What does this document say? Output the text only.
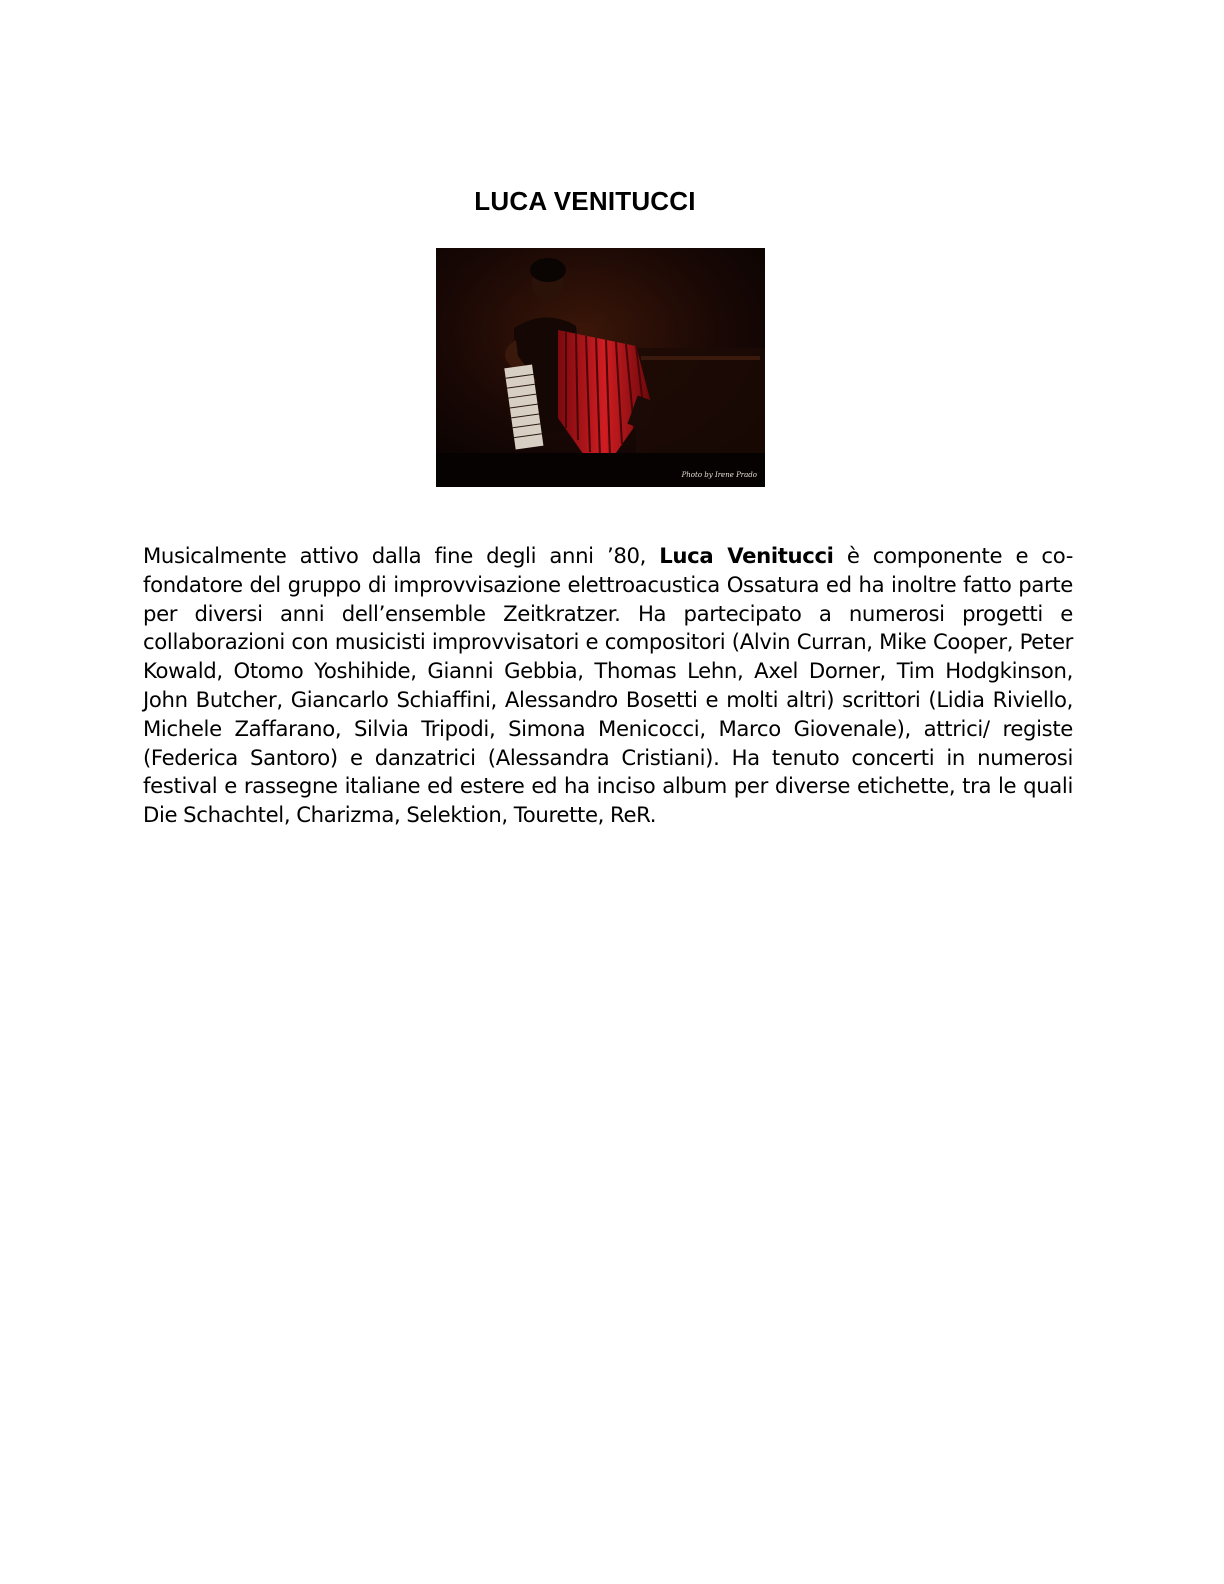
LUCA VENITUCCI
Photo by Irene Prado

Musicalmente attivo dalla fine degli anni ’80, Luca Venitucci è componente e co-fondatore del gruppo di improvvisazione elettroacustica Ossatura ed ha inoltre fatto parte per diversi anni dell’ensemble Zeitkratzer. Ha partecipato a numerosi progetti e collaborazioni con musicisti improvvisatori e compositori (Alvin Curran, Mike Cooper, Peter Kowald, Otomo Yoshihide, Gianni Gebbia, Thomas Lehn, Axel Dorner, Tim Hodgkinson, John Butcher, Giancarlo Schiaffini, Alessandro Bosetti e molti altri) scrittori (Lidia Riviello, Michele Zaffarano, Silvia Tripodi, Simona Menicocci, Marco Giovenale), attrici/ registe (Federica Santoro) e danzatrici (Alessandra Cristiani). Ha tenuto concerti in numerosi festival e rassegne italiane ed estere ed ha inciso album per diverse etichette, tra le quali Die Schachtel, Charizma, Selektion, Tourette, ReR.
